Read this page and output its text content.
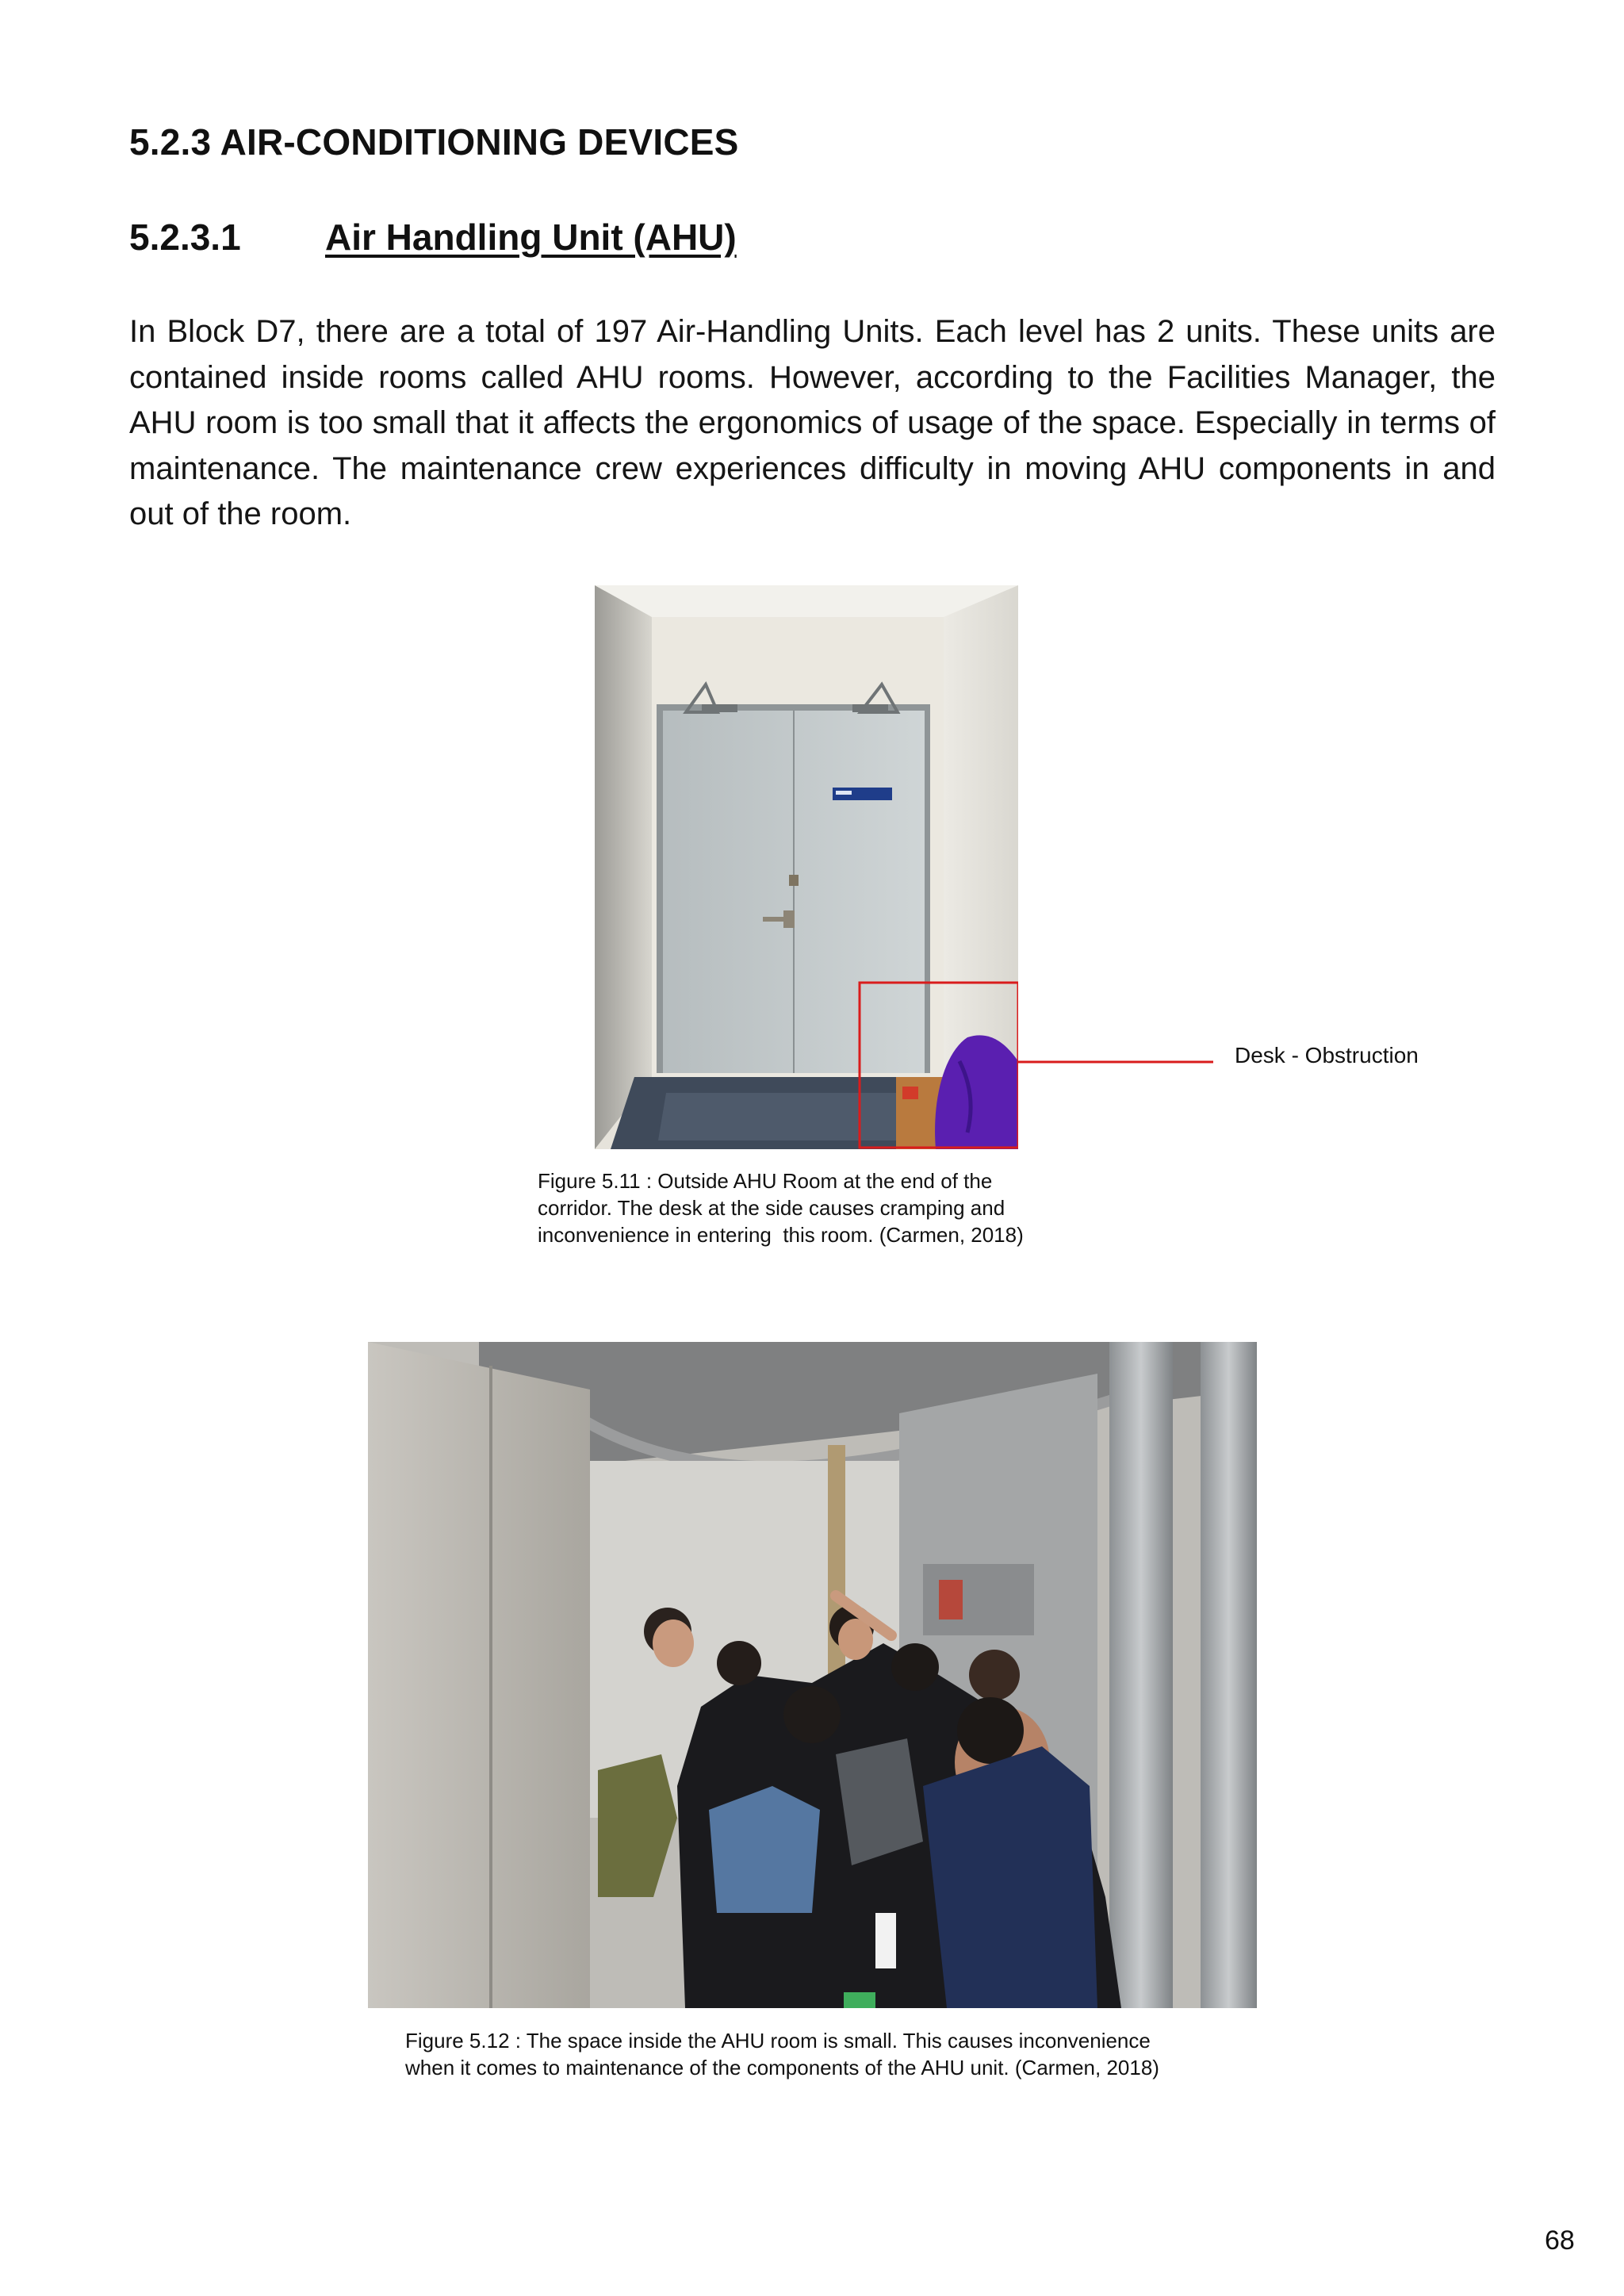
5.2.3 AIR-CONDITIONING DEVICES
5.2.3.1 Air Handling Unit (AHU)

In Block D7, there are a total of 197 Air-Handling Units. Each level has 2 units. These units are contained inside rooms called AHU rooms. However, according to the Facilities Manager, the AHU room is too small that it affects the ergonomics of usage of the space. Especially in terms of maintenance. The maintenance crew experiences difficulty in moving AHU components in and out of the room.

Desk - Obstruction
Figure 5.11 : Outside AHU Room at the end of the
corridor. The desk at the side causes cramping and
inconvenience in entering  this room. (Carmen, 2018)
Figure 5.12 : The space inside the AHU room is small. This causes inconvenience
when it comes to maintenance of the components of the AHU unit. (Carmen, 2018)
68
